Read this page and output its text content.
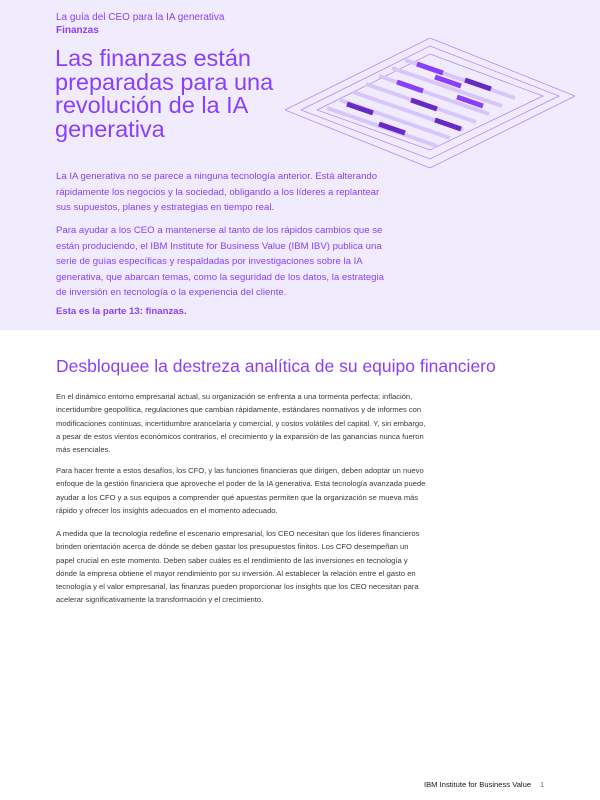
La guía del CEO para la IA generativa
Finanzas
Las finanzas están preparadas para una revolución de la IA generativa

La IA generativa no se parece a ninguna tecnología anterior. Está alterando rápidamente los negocios y la sociedad, obligando a los líderes a replantear sus supuestos, planes y estrategias en tiempo real.

Para ayudar a los CEO a mantenerse al tanto de los rápidos cambios que se están produciendo, el IBM Institute for Business Value (IBM IBV) publica una serie de guías específicas y respaldadas por investigaciones sobre la IA generativa, que abarcan temas, como la seguridad de los datos, la estrategia de inversión en tecnología o la experiencia del cliente.

Esta es la parte 13: finanzas.

Desbloquee la destreza analítica de su equipo financiero

En el dinámico entorno empresarial actual, su organización se enfrenta a una tormenta perfecta: inflación, incertidumbre geopolítica, regulaciones que cambian rápidamente, estándares normativos y de informes con modificaciones continuas, incertidumbre arancelaria y comercial, y costos volátiles del capital. Y, sin embargo, a pesar de estos vientos económicos contrarios, el crecimiento y la expansión de las ganancias nunca fueron más esenciales.

Para hacer frente a estos desafíos, los CFO, y las funciones financieras que dirigen, deben adoptar un nuevo enfoque de la gestión financiera que aproveche el poder de la IA generativa. Esta tecnología avanzada puede ayudar a los CFO y a sus equipos a comprender qué apuestas permiten que la organización se mueva más rápido y ofrecer los insights adecuados en el momento adecuado.

A medida que la tecnología redefine el escenario empresarial, los CEO necesitan que los líderes financieros brinden orientación acerca de dónde se deben gastar los presupuestos finitos. Los CFO desempeñan un papel crucial en este momento. Deben saber cuáles es el rendimiento de las inversiones en tecnología y dónde la empresa obtiene el mayor rendimiento por su inversión. Al establecer la relación entre el gasto en tecnología y el valor empresarial, las finanzas pueden proporcionar los insights que los CEO necesitan para acelerar significativamente la transformación y el crecimiento.

IBM Institute for Business Value 1
